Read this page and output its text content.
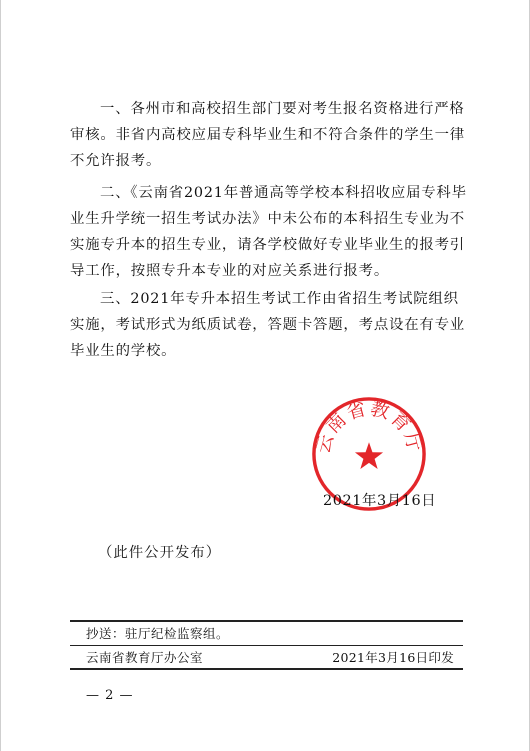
一、各州市和高校招生部门要对考生报名资格进行严格审核。非省内高校应届专科毕业生和不符合条件的学生一律不允许报考。

二、《云南省2021年普通高等学校本科招收应届专科毕业生升学统一招生考试办法》中未公布的本科招生专业为不实施专升本的招生专业，请各学校做好专业毕业生的报考引导工作，按照专升本专业的对应关系进行报考。

三、2021年专升本招生考试工作由省招生考试院组织实施，考试形式为纸质试卷，答题卡答题，考点设在有专业毕业生的学校。

云南省教育厅
2021年3月16日
（此件公开发布）
抄送：驻厅纪检监察组。
云南省教育厅办公室	2021年3月16日印发
— 2 —
